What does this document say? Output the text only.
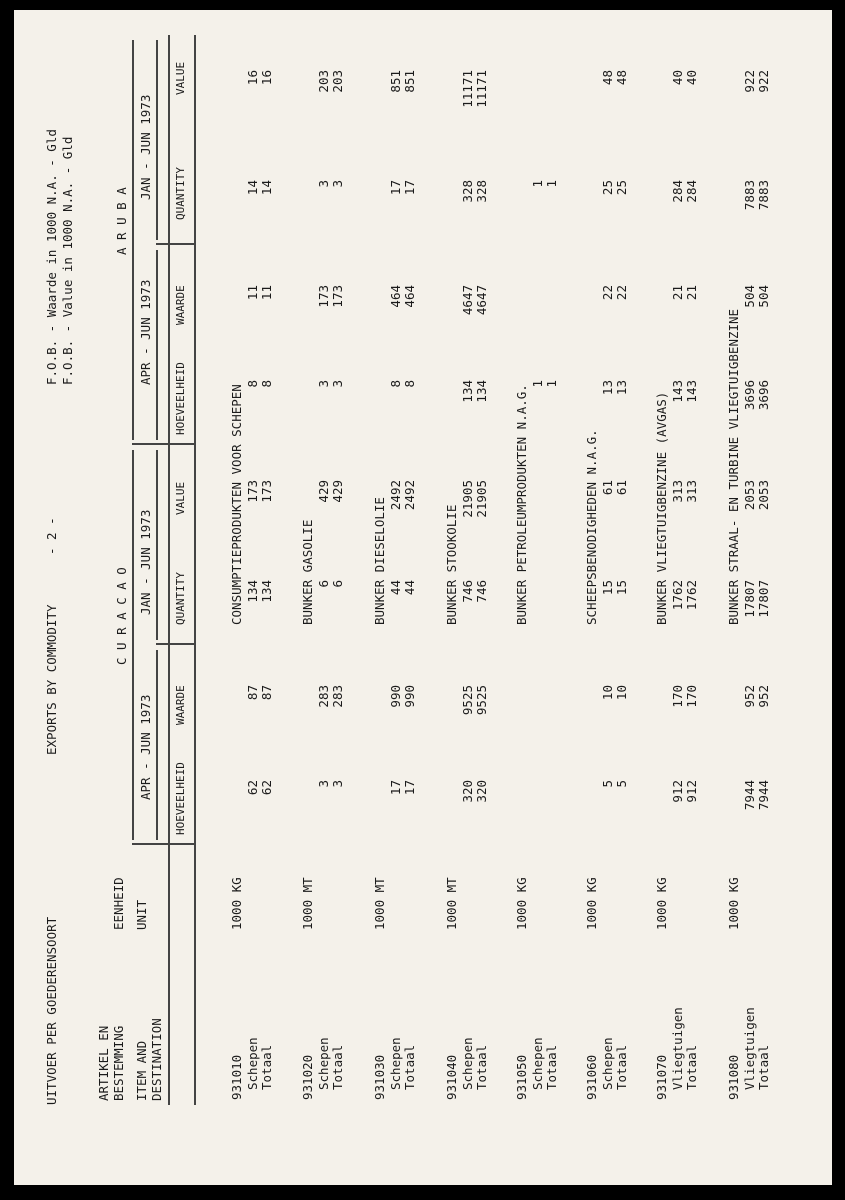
UITVOER PER GOEDERENSOORT
EXPORTS BY COMMODITY
- 2 -
F.O.B. - Waarde in 1000 N.A. - Gld F.O.B. - Value in 1000 N.A. - Gld
ARTIKEL EN BESTEMMING ITEM AND DESTINATION
EENHEID UNIT
C U R A C A O
A R U B A
APR - JUN 1973
JAN - JUN 1973
APR - JUN 1973
JAN - JUN 1973
HOEVEELHEID
WAARDE
QUANTITY
VALUE
HOEVEELHEID
WAARDE
QUANTITY
VALUE
931010
1000 KG
CONSUMPTIEPRODUKTEN VOOR SCHEPEN
Schepen
62
87
134
173
8
11
14
16
Totaal
62
87
134
173
8
11
14
16
931020
1000 MT
BUNKER GASOLIE
Schepen
3
283
6
429
3
173
3
203
Totaal
3
283
6
429
3
173
3
203
931030
1000 MT
BUNKER DIESELOLIE
Schepen
17
990
44
2492
8
464
17
851
Totaal
17
990
44
2492
8
464
17
851
931040
1000 MT
BUNKER STOOKOLIE
Schepen
320
9525
746
21905
134
4647
328
11171
Totaal
320
9525
746
21905
134
4647
328
11171
931050
1000 KG
BUNKER PETROLEUMPRODUKTEN N.A.G.
Schepen
1
1
Totaal
1
1
931060
1000 KG
SCHEEPSBENODIGHEDEN N.A.G.
Schepen
5
10
15
61
13
22
25
48
Totaal
5
10
15
61
13
22
25
48
931070
1000 KG
BUNKER VLIEGTUIGBENZINE (AVGAS)
Vliegtuigen
912
170
1762
313
143
21
284
40
Totaal
912
170
1762
313
143
21
284
40
931080
1000 KG
BUNKER STRAAL- EN TURBINE VLIEGTUIGBENZINE
Vliegtuigen
7944
952
17807
2053
3696
504
7883
922
Totaal
7944
952
17807
2053
3696
504
7883
922
